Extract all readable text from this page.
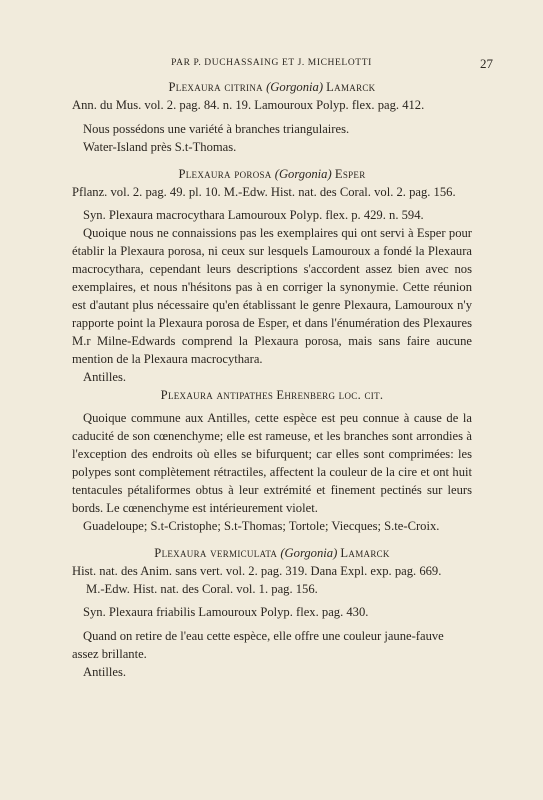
PAR P. DUCHASSAING ET J. MICHELOTTI	27

Plexaura citrina (Gorgonia) Lamarck

Ann. du Mus. vol. 2. pag. 84. n. 19. Lamouroux Polyp. flex. pag. 412.

Nous possédons une variété à branches triangulaires.

Water-Island près S.t-Thomas.

Plexaura porosa (Gorgonia) Esper

Pflanz. vol. 2. pag. 49. pl. 10. M.-Edw. Hist. nat. des Coral. vol. 2. pag. 156.

Syn. Plexaura macrocythara Lamouroux Polyp. flex. p. 429. n. 594.

Quoique nous ne connaissions pas les exemplaires qui ont servi à Esper pour établir la Plexaura porosa, ni ceux sur lesquels Lamouroux a fondé la Plexaura macrocythara, cependant leurs descriptions s'accordent assez bien avec nos exemplaires, et nous n'hésitons pas à en corriger la synonymie. Cette réunion est d'autant plus nécessaire qu'en établissant le genre Plexaura, Lamouroux n'y rapporte point la Plexaura porosa de Esper, et dans l'énumération des Plexaures M.r Milne-Edwards comprend la Plexaura porosa, mais sans faire aucune mention de la Plexaura macrocythara.

Antilles.

Plexaura antipathes Ehrenberg loc. cit.

Quoique commune aux Antilles, cette espèce est peu connue à cause de la caducité de son cœnenchyme; elle est rameuse, et les branches sont arrondies à l'exception des endroits où elles se bifurquent; car elles sont comprimées: les polypes sont complètement rétractiles, affectent la couleur de la cire et ont huit tentacules pétaliformes obtus à leur extrémité et finement pectinés sur leurs bords. Le cœnenchyme est intérieurement violet.

Guadeloupe; S.t-Cristophe; S.t-Thomas; Tortole; Viecques; S.te-Croix.

Plexaura vermiculata (Gorgonia) Lamarck

Hist. nat. des Anim. sans vert. vol. 2. pag. 319. Dana Expl. exp. pag. 669.

M.-Edw. Hist. nat. des Coral. vol. 1. pag. 156.

Syn. Plexaura friabilis Lamouroux Polyp. flex. pag. 430.

Quand on retire de l'eau cette espèce, elle offre une couleur jaune-fauve assez brillante.

Antilles.
